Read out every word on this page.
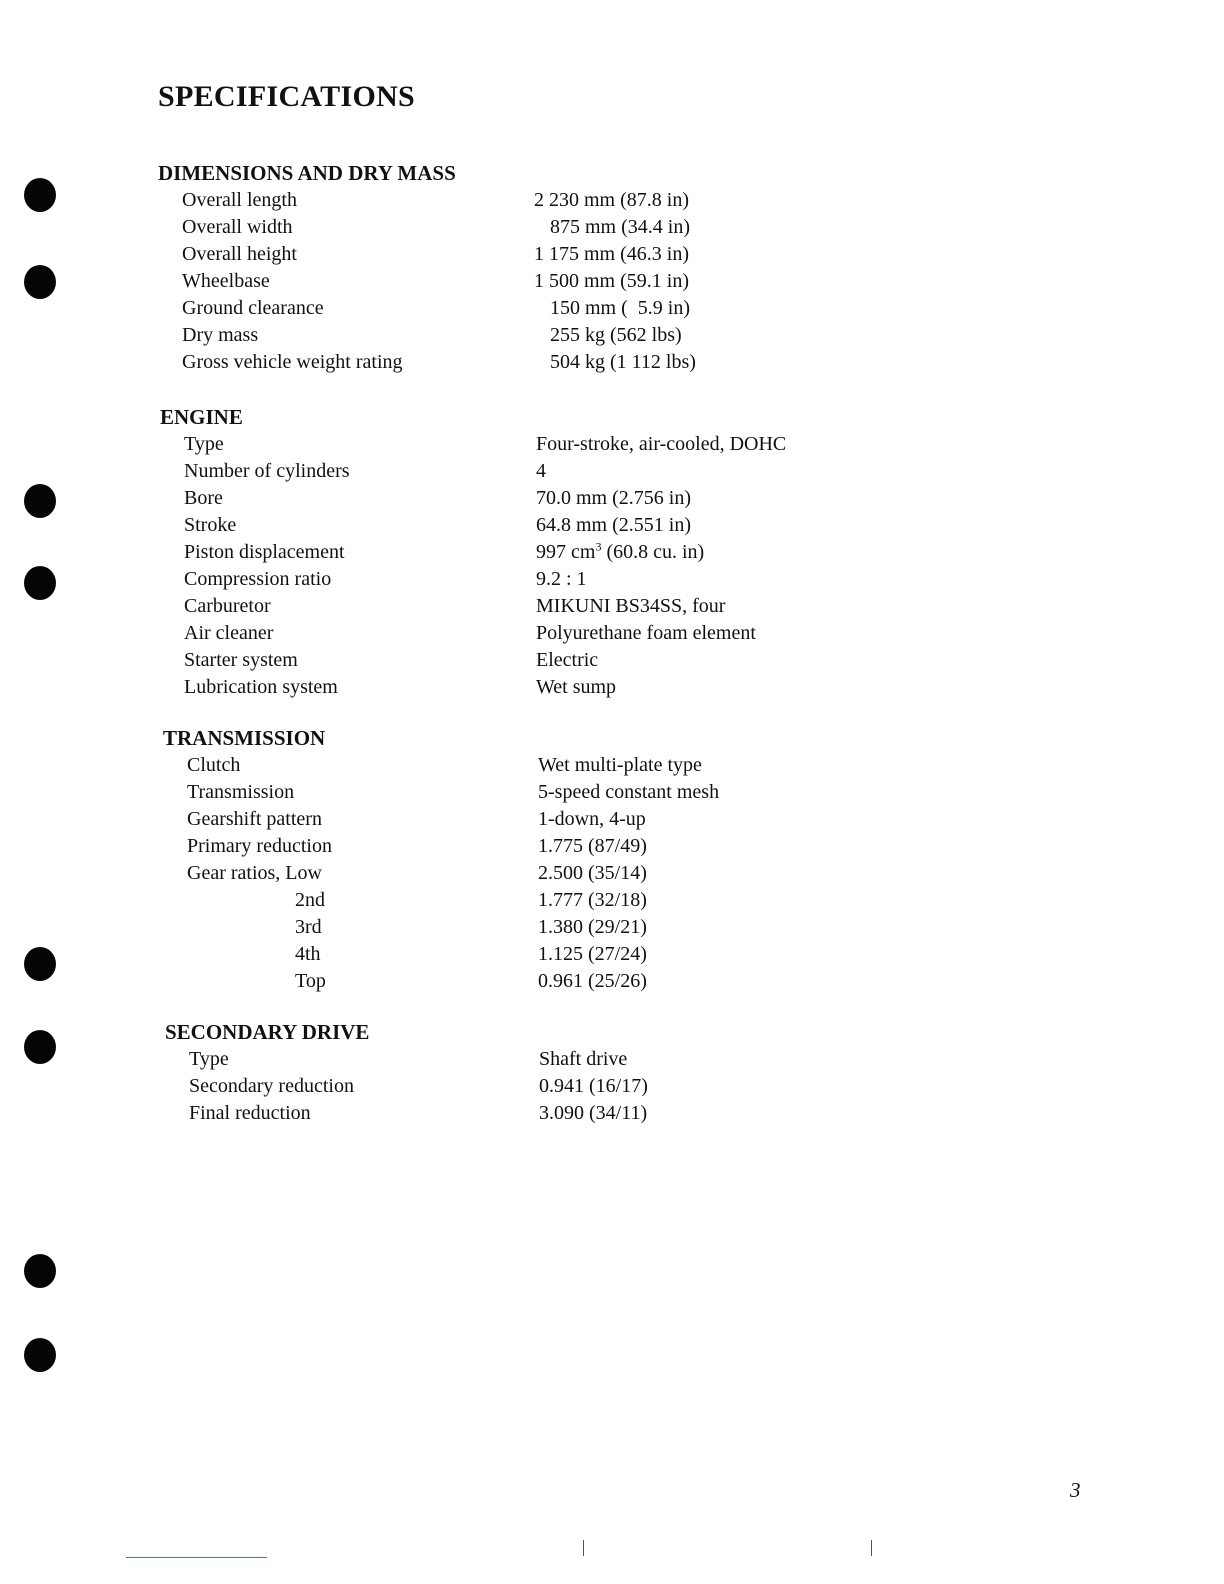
SPECIFICATIONS
DIMENSIONS AND DRY MASS
Overall length	2 230 mm (87.8 in)
Overall width	875 mm (34.4 in)
Overall height	1 175 mm (46.3 in)
Wheelbase	1 500 mm (59.1 in)
Ground clearance	150 mm (  5.9 in)
Dry mass	255 kg (562 lbs)
Gross vehicle weight rating	504 kg (1 112 lbs)
ENGINE
Type	Four-stroke, air-cooled, DOHC
Number of cylinders	4
Bore	70.0 mm (2.756 in)
Stroke	64.8 mm (2.551 in)
Piston displacement	997 $cm^3$ (60.8 cu. in)
Compression ratio	9.2 : 1
Carburetor	MIKUNI BS34SS, four
Air cleaner	Polyurethane foam element
Starter system	Electric
Lubrication system	Wet sump
TRANSMISSION
Clutch	Wet multi-plate type
Transmission	5-speed constant mesh
Gearshift pattern	1-down, 4-up
Primary reduction	1.775 (87/49)
Gear ratios, Low	2.500 (35/14)
2nd	1.777 (32/18)
3rd	1.380 (29/21)
4th	1.125 (27/24)
Top	0.961 (25/26)
SECONDARY DRIVE
Type	Shaft drive
Secondary reduction	0.941 (16/17)
Final reduction	3.090 (34/11)
3
